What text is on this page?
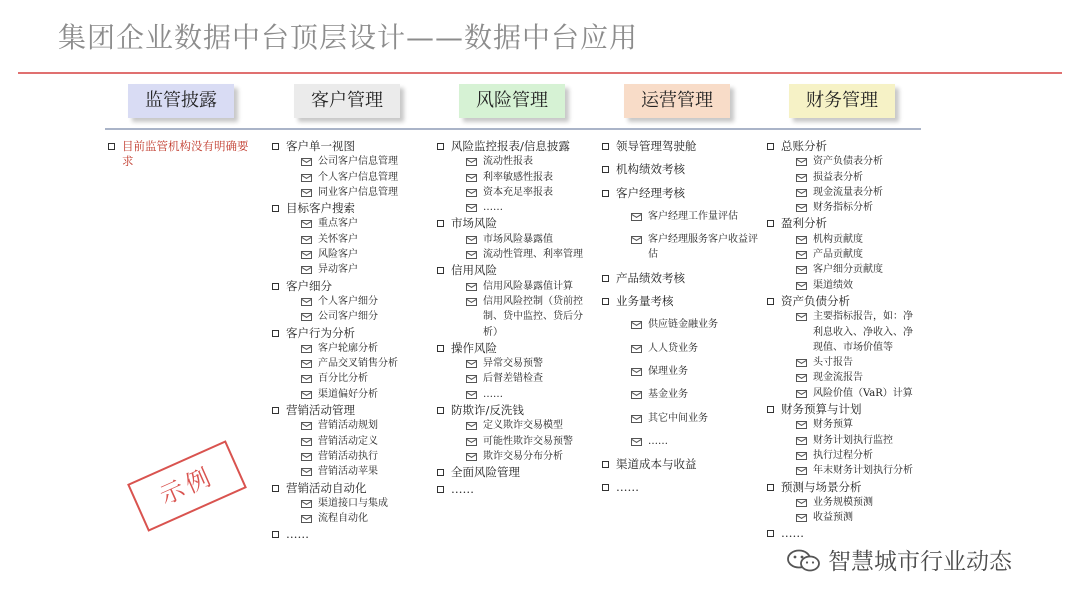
集团企业数据中台顶层设计——数据中台应用
监管披露	客户管理	风险管理	运营管理	财务管理
目前监管机构没有明确要求
客户单一视图
公司客户信息管理
个人客户信息管理
同业客户信息管理
目标客户搜索
重点客户
关怀客户
风险客户
异动客户
客户细分
个人客户细分
公司客户细分
客户行为分析
客户轮廓分析
产品交叉销售分析
百分比分析
渠道偏好分析
营销活动管理
营销活动规划
营销活动定义
营销活动执行
营销活动苹果
营销活动自动化
渠道接口与集成
流程自动化
……
风险监控报表/信息披露
流动性报表
利率敏感性报表
资本充足率报表
……
市场风险
市场风险暴露值
流动性管理、利率管理
信用风险
信用风险暴露值计算
信用风险控制（贷前控制、贷中监控、贷后分析）
操作风险
异常交易预警
后督差错检查
……
防欺诈/反洗钱
定义欺诈交易模型
可能性欺诈交易预警
欺诈交易分布分析
全面风险管理
……
领导管理驾驶舱
机构绩效考核
客户经理考核
客户经理工作量评估
客户经理服务客户收益评估
产品绩效考核
业务量考核
供应链金融业务
人人贷业务
保理业务
基金业务
其它中间业务
……
渠道成本与收益
……
总账分析
资产负债表分析
损益表分析
现金流量表分析
财务指标分析
盈利分析
机构贡献度
产品贡献度
客户细分贡献度
渠道绩效
资产负债分析
主要指标报告，如：净利息收入、净收入、净现值、市场价值等
头寸报告
现金流报告
风险价值（VaR）计算
财务预算与计划
财务预算
财务计划执行监控
执行过程分析
年末财务计划执行分析
预测与场景分析
业务规模预测
收益预测
……
示例
智慧城市行业动态
